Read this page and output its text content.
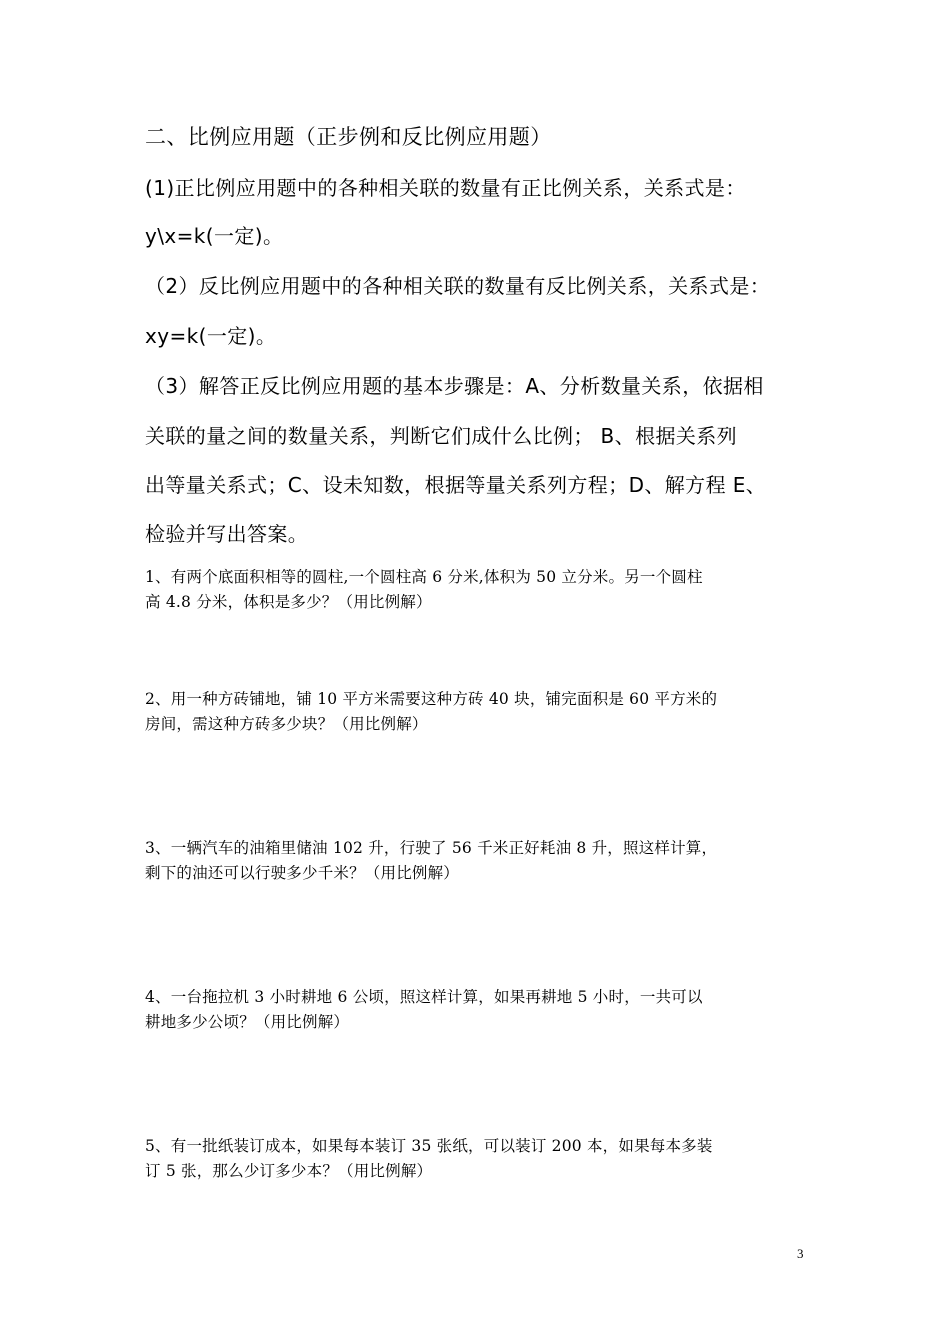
二、比例应用题（正步例和反比例应用题）
(1)正比例应用题中的各种相关联的数量有正比例关系，关系式是：
y\x=k(一定)。
（2）反比例应用题中的各种相关联的数量有反比例关系，关系式是：
xy=k(一定)。
（3）解答正反比例应用题的基本步骤是：A、分析数量关系，依据相
关联的量之间的数量关系，判断它们成什么比例； B、根据关系列
出等量关系式；C、设未知数，根据等量关系列方程；D、解方程 E、
检验并写出答案。
1、有两个底面积相等的圆柱,一个圆柱高 6 分米,体积为 50 立分米。另一个圆柱
高 4.8 分米，体积是多少？（用比例解）
2、用一种方砖铺地，铺 10 平方米需要这种方砖 40 块，铺完面积是 60 平方米的
房间，需这种方砖多少块？（用比例解）
3、一辆汽车的油箱里储油 102 升，行驶了 56 千米正好耗油 8 升，照这样计算，
剩下的油还可以行驶多少千米？（用比例解）
4、一台拖拉机 3 小时耕地 6 公顷，照这样计算，如果再耕地 5 小时，一共可以
耕地多少公顷？（用比例解）
5、有一批纸装订成本，如果每本装订 35 张纸，可以装订 200 本，如果每本多装
订 5 张，那么少订多少本？（用比例解）
3
